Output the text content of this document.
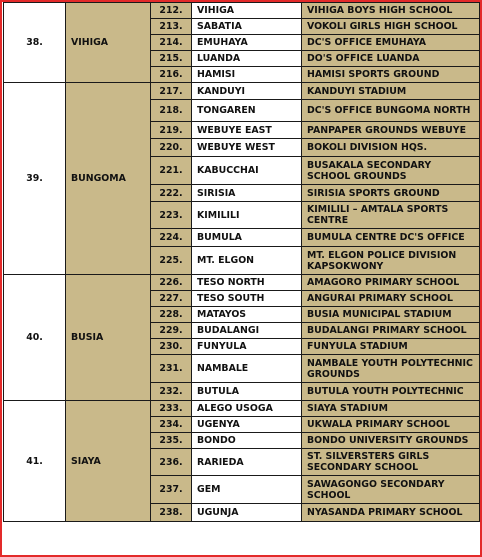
38.	VIHIGA	212.	VIHIGA	VIHIGA BOYS HIGH SCHOOL
		213.	SABATIA	VOKOLI GIRLS HIGH SCHOOL
		214.	EMUHAYA	DC'S OFFICE EMUHAYA
		215.	LUANDA	DO'S OFFICE LUANDA
		216.	HAMISI	HAMISI SPORTS GROUND
39.	BUNGOMA	217.	KANDUYI	KANDUYI STADIUM
		218.	TONGAREN	DC'S OFFICE BUNGOMA NORTH
		219.	WEBUYE EAST	PANPAPER GROUNDS WEBUYE
		220.	WEBUYE WEST	BOKOLI DIVISION HQS.
		221.	KABUCCHAI	BUSAKALA SECONDARY SCHOOL GROUNDS
		222.	SIRISIA	SIRISIA SPORTS GROUND
		223.	KIMILILI	KIMILILI – AMTALA SPORTS CENTRE
		224.	BUMULA	BUMULA CENTRE DC'S OFFICE
		225.	MT. ELGON	MT. ELGON POLICE DIVISION KAPSOKWONY
40.	BUSIA	226.	TESO NORTH	AMAGORO PRIMARY SCHOOL
		227.	TESO SOUTH	ANGURAI PRIMARY SCHOOL
		228.	MATAYOS	BUSIA MUNICIPAL STADIUM
		229.	BUDALANGI	BUDALANGI PRIMARY SCHOOL
		230.	FUNYULA	FUNYULA STADIUM
		231.	NAMBALE	NAMBALE YOUTH POLYTECHNIC GROUNDS
		232.	BUTULA	BUTULA YOUTH POLYTECHNIC
41.	SIAYA	233.	ALEGO USOGA	SIAYA STADIUM
		234.	UGENYA	UKWALA PRIMARY SCHOOL
		235.	BONDO	BONDO UNIVERSITY GROUNDS
		236.	RARIEDA	ST. SILVERSTERS GIRLS SECONDARY SCHOOL
		237.	GEM	SAWAGONGO SECONDARY SCHOOL
		238.	UGUNJA	NYASANDA PRIMARY SCHOOL
